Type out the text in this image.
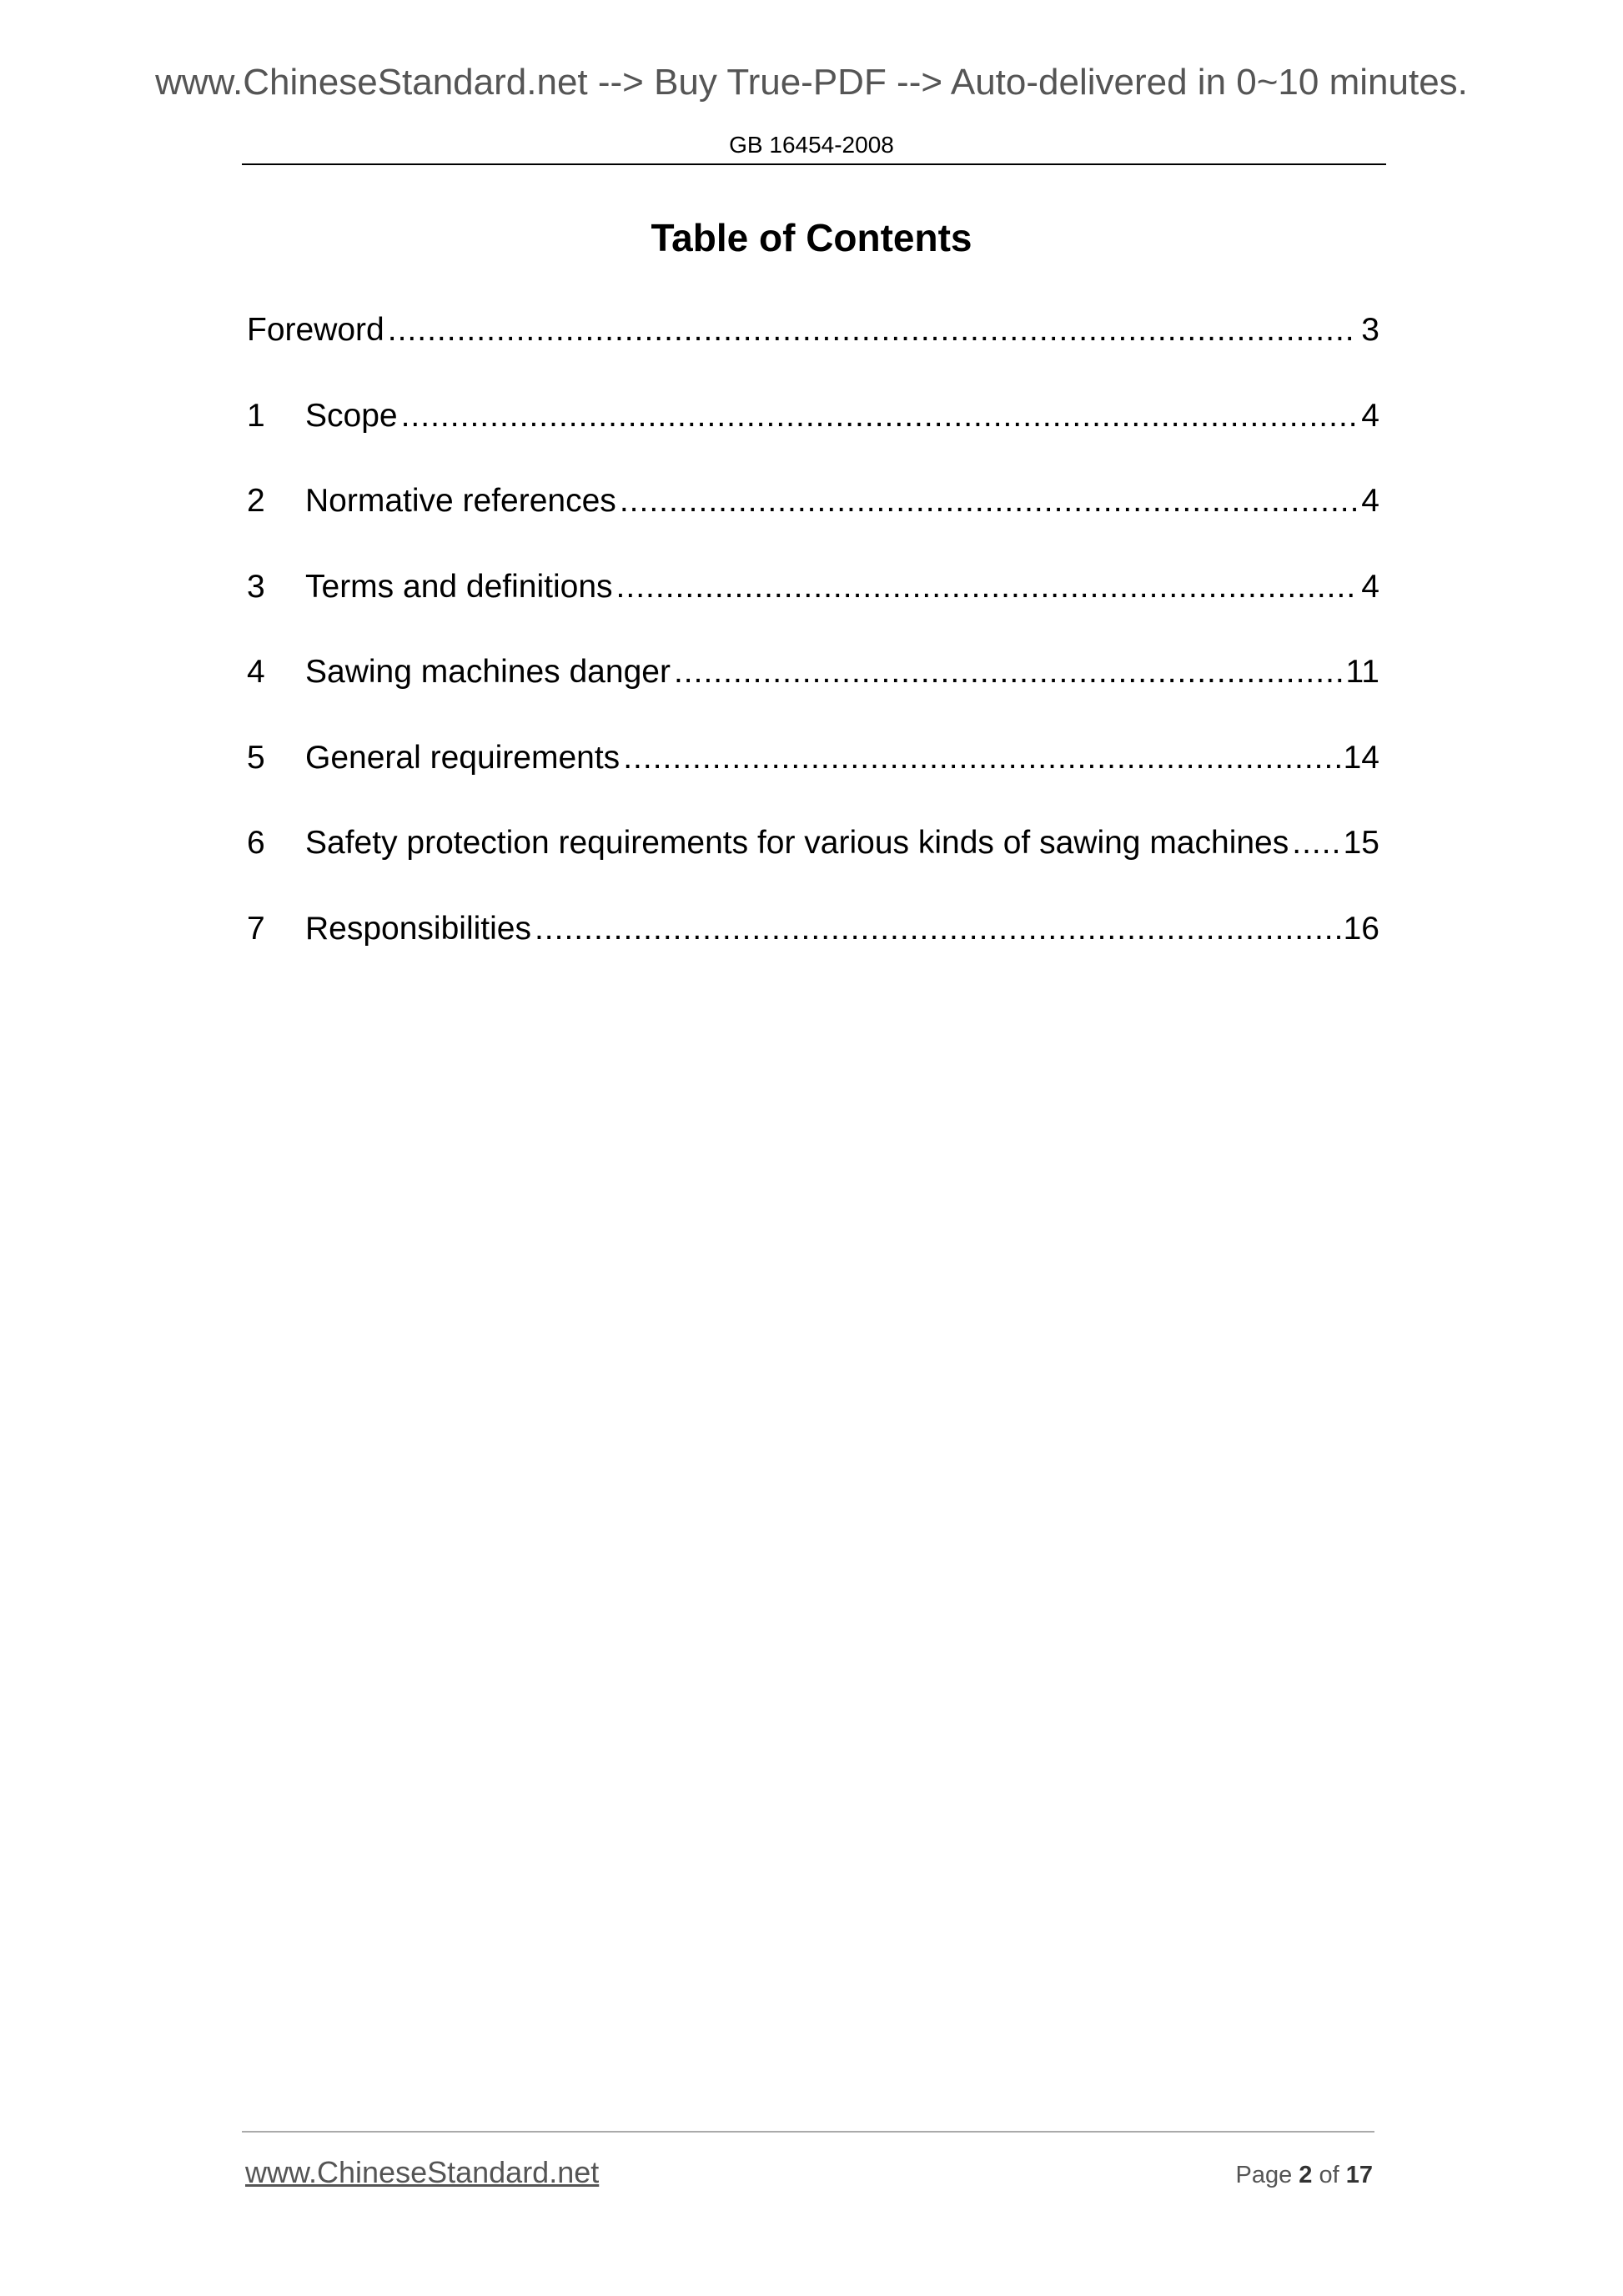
www.ChineseStandard.net --> Buy True-PDF --> Auto-delivered in 0~10 minutes.
GB 16454-2008
Table of Contents
Foreword .....	3
1	Scope .....	4
2	Normative references .....	4
3	Terms and definitions .....	4
4	Sawing machines danger .....	11
5	General requirements .....	14
6	Safety protection requirements for various kinds of sawing machines ..... 15
7	Responsibilities .....	16
www.ChineseStandard.net	Page 2 of 17
